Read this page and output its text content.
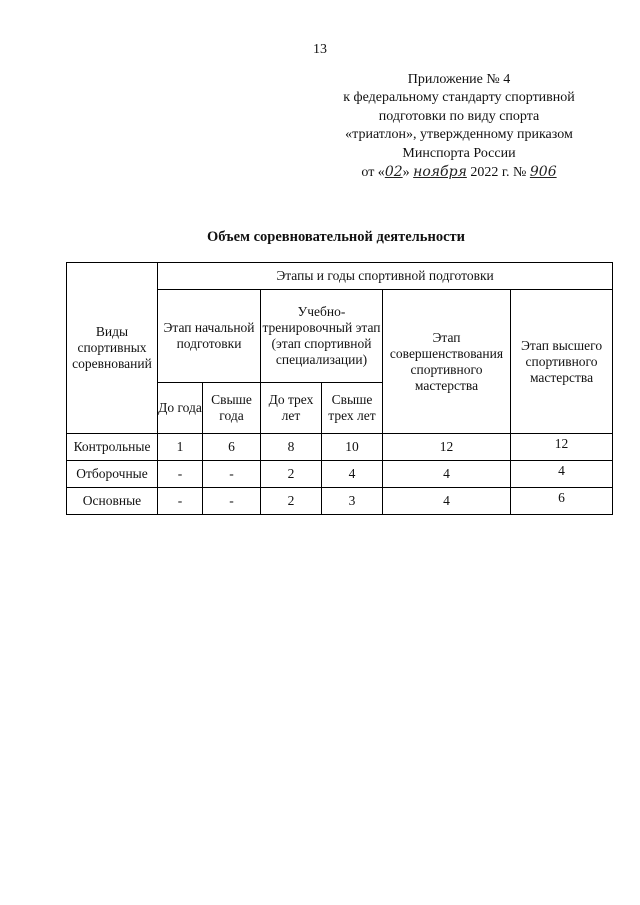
13
Приложение № 4
к федеральному стандарту спортивной
подготовки по виду спорта
«триатлон», утвержденному приказом
Минспорта России
от «02» ноября 2022 г. № 906
Объем соревновательной деятельности
Виды спортивных соревнований	Этапы и годы спортивной подготовки					
	Этап начальной подготовки		Учебно-тренировочный этап (этап спортивной специализации)		Этап совершенствования спортивного мастерства	Этап высшего спортивного мастерства
	До года	Свыше года	До трех лет	Свыше трех лет		
Контрольные	1	6	8	10	12	12
Отборочные	-	-	2	4	4	4
Основные	-	-	2	3	4	6
